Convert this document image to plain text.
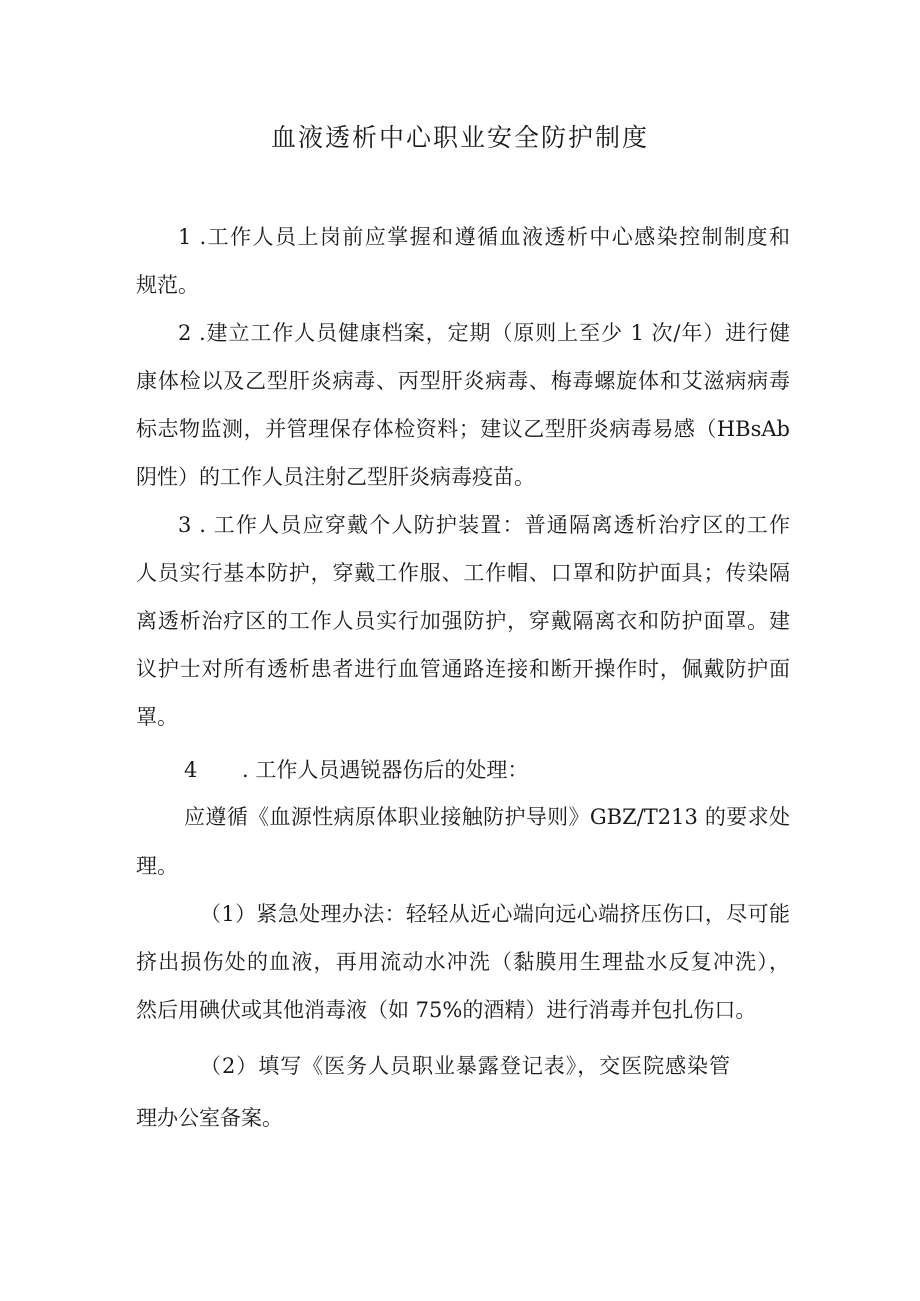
血液透析中心职业安全防护制度
1 .工作人员上岗前应掌握和遵循血液透析中心感染控制制度和
规范。
2 .建立工作人员健康档案，定期（原则上至少 1 次/年）进行健
康体检以及乙型肝炎病毒、丙型肝炎病毒、梅毒螺旋体和艾滋病病毒
标志物监测，并管理保存体检资料；建议乙型肝炎病毒易感（HBsAb
阴性）的工作人员注射乙型肝炎病毒疫苗。
3 . 工作人员应穿戴个人防护装置：普通隔离透析治疗区的工作
人员实行基本防护，穿戴工作服、工作帽、口罩和防护面具；传染隔
离透析治疗区的工作人员实行加强防护，穿戴隔离衣和防护面罩。建
议护士对所有透析患者进行血管通路连接和断开操作时，佩戴防护面
罩。
4 . 工作人员遇锐器伤后的处理：
应遵循《血源性病原体职业接触防护导则》GBZ/T213 的要求处
理。
（1）紧急处理办法：轻轻从近心端向远心端挤压伤口，尽可能
挤出损伤处的血液，再用流动水冲洗（黏膜用生理盐水反复冲洗），
然后用碘伏或其他消毒液（如 75%的酒精）进行消毒并包扎伤口。
（2）填写《医务人员职业暴露登记表》，交医院感染管
理办公室备案。
